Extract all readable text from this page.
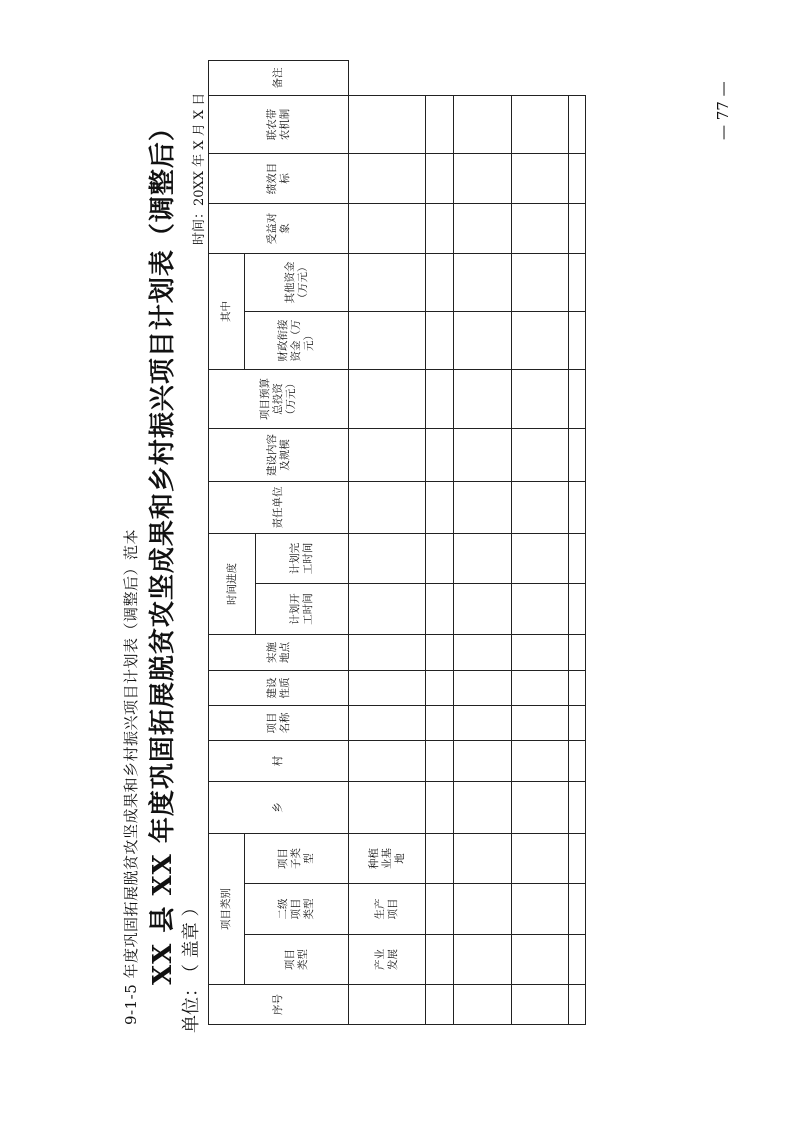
9-1-5 年度巩固拓展脱贫攻坚成果和乡村振兴项目计划表（调整后）范本 XX 县 XX 年度巩固拓展脱贫攻坚成果和乡村振兴项目计划表（调整后）
单位：（ 盖章 ）
时间：20XX 年 X 月 X 日
序号
乡
村
项目名称
建设性质
实施地点
责任单位
建设内容及规模
项目预算总投资（万元）
受益对象
绩效目标
联农带农机制
备注
项目类别
项目类型
二级项目类型
项目子类型
时间进度
计划开工时间
计划完工时间
其中
财政衔接资金（万元）
其他资金（万元）
产业发展
生产项目
种植业基地
— 77 —
